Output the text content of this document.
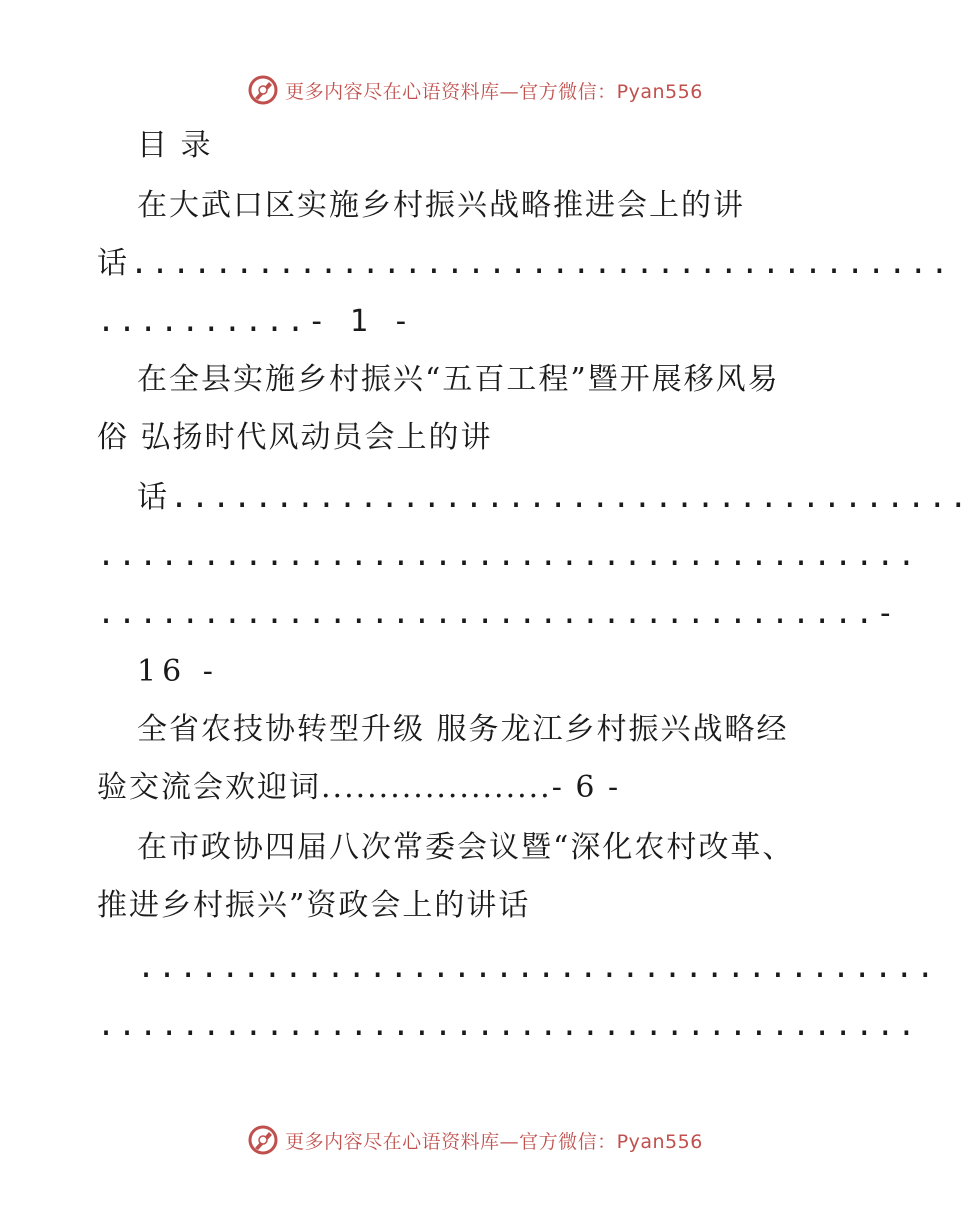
更多内容尽在心语资料库—官方微信：Pyan556
目 录
在大武口区实施乡村振兴战略推进会上的讲
话.......................................
..........- 1 -
在全县实施乡村振兴“五百工程”暨开展移风易
俗 弘扬时代风动员会上的讲
话......................................
.......................................
.....................................-
16 -
全省农技协转型升级 服务龙江乡村振兴战略经
验交流会欢迎词....................- 6 -
在市政协四届八次常委会议暨“深化农村改革、
推进乡村振兴”资政会上的讲话
......................................
.......................................
更多内容尽在心语资料库—官方微信：Pyan556
